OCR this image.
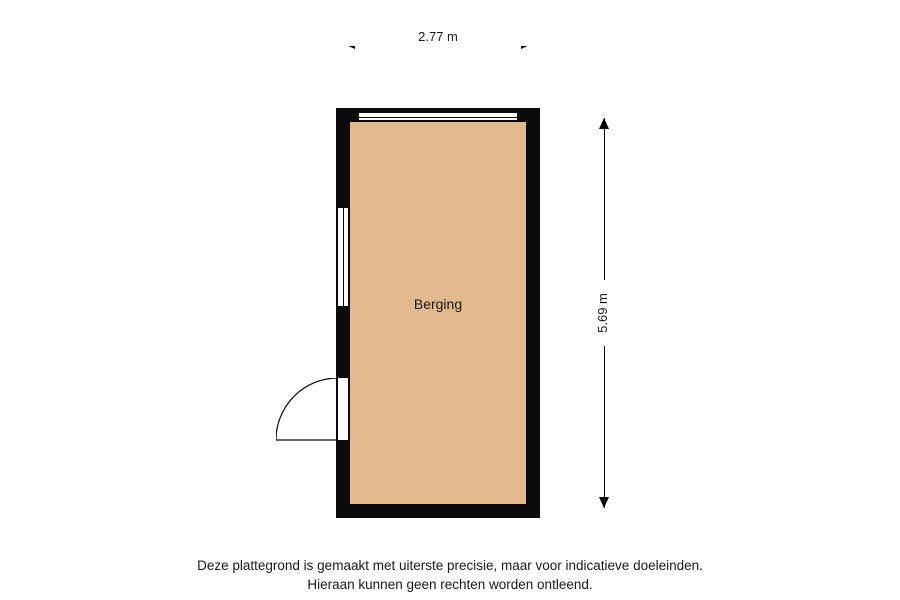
2.77 m
5.69 m
Berging
Deze plattegrond is gemaakt met uiterste precisie, maar voor indicatieve doeleinden.
Hieraan kunnen geen rechten worden ontleend.
